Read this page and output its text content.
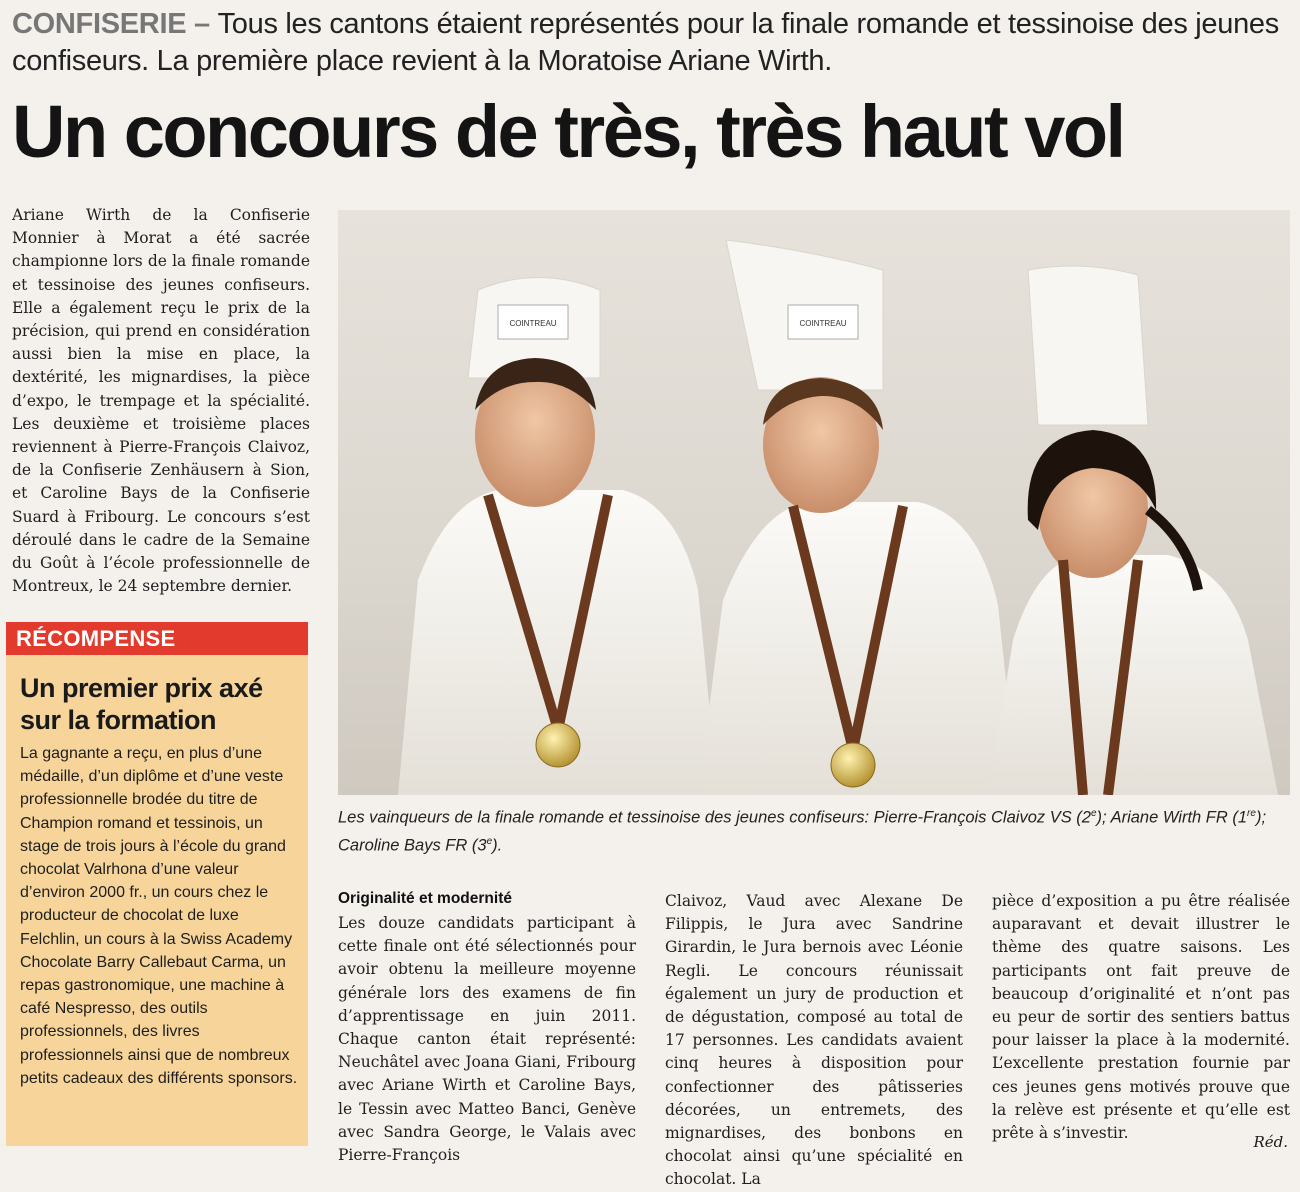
CONFISERIE – Tous les cantons étaient représentés pour la finale romande et tessinoise des jeunes confiseurs. La première place revient à la Moratoise Ariane Wirth.
Un concours de très, très haut vol
Ariane Wirth de la Confiserie Monnier à Morat a été sacrée championne lors de la finale romande et tessinoise des jeunes confiseurs. Elle a également reçu le prix de la précision, qui prend en considération aussi bien la mise en place, la dextérité, les mignardises, la pièce d’expo, le trempage et la spécialité. Les deuxième et troisième places reviennent à Pierre-François Claivoz, de la Confiserie Zenhäusern à Sion, et Caroline Bays de la Confiserie Suard à Fribourg. Le concours s’est déroulé dans le cadre de la Semaine du Goût à l’école professionnelle de Montreux, le 24 septembre dernier.
COINTREAU	COINTREAU
Les vainqueurs de la finale romande et tessinoise des jeunes confiseurs: Pierre-François Claivoz VS (2e); Ariane Wirth FR (1re); Caroline Bays FR (3e).
RÉCOMPENSE
Un premier prix axé sur la formation
La gagnante a reçu, en plus d’une médaille, d’un diplôme et d’une veste professionnelle brodée du titre de Champion romand et tessinois, un stage de trois jours à l’école du grand chocolat Valrhona d’une valeur d’environ 2000 fr., un cours chez le producteur de chocolat de luxe Felchlin, un cours à la Swiss Academy Chocolate Barry Callebaut Carma, un repas gastronomique, une machine à café Nespresso, des outils professionnels, des livres professionnels ainsi que de nombreux petits cadeaux des différents sponsors.
Originalité et modernité
Les douze candidats participant à cette finale ont été sélectionnés pour avoir obtenu la meilleure moyenne générale lors des examens de fin d’apprentissage en juin 2011. Chaque canton était représenté: Neuchâtel avec Joana Giani, Fribourg avec Ariane Wirth et Caroline Bays, le Tessin avec Matteo Banci, Genève avec Sandra George, le Valais avec Pierre-François
Claivoz, Vaud avec Alexane De Filippis, le Jura avec Sandrine Girardin, le Jura bernois avec Léonie Regli. Le concours réunissait également un jury de production et de dégustation, composé au total de 17 personnes. Les candidats avaient cinq heures à disposition pour confectionner des pâtisseries décorées, un entremets, des mignardises, des bonbons en chocolat ainsi qu’une spécialité en chocolat. La
pièce d’exposition a pu être réalisée auparavant et devait illustrer le thème des quatre saisons. Les participants ont fait preuve de beaucoup d’originalité et n’ont pas eu peur de sortir des sentiers battus pour laisser la place à la modernité. L’excellente prestation fournie par ces jeunes gens motivés prouve que la relève est présente et qu’elle est prête à s’investir.	Réd.
